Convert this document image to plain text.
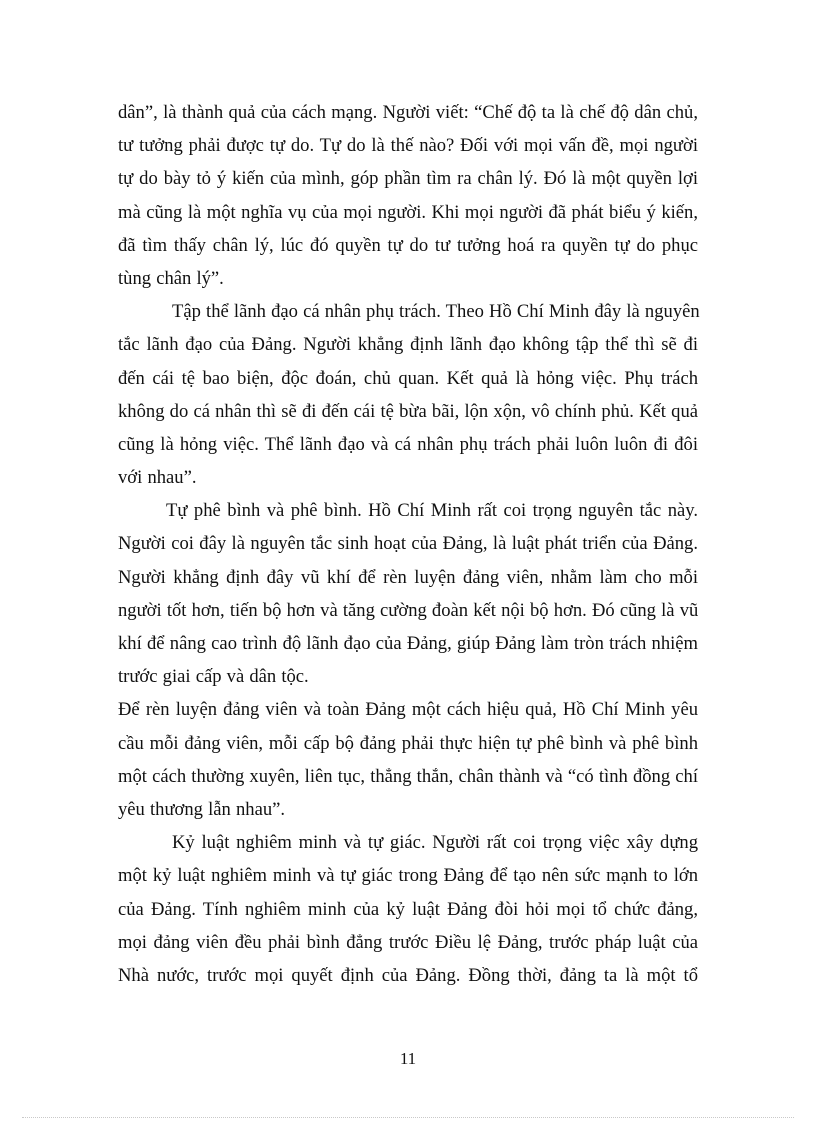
dân”, là thành quả của cách mạng. Người viết: “Chế độ ta là chế độ dân chủ,
tư tưởng phải được tự do. Tự do là thế nào? Đối với mọi vấn đề, mọi người
tự do bày tỏ ý kiến của mình, góp phần tìm ra chân lý. Đó là một quyền lợi
mà cũng là một nghĩa vụ của mọi người. Khi mọi người đã phát biểu ý kiến,
đã tìm thấy chân lý, lúc đó quyền tự do tư tưởng hoá ra quyền tự do phục
tùng chân lý”.
Tập thể lãnh đạo cá nhân phụ trách. Theo Hồ Chí Minh đây là nguyên
tắc lãnh đạo của Đảng. Người khẳng định lãnh đạo không tập thể thì sẽ đi
đến cái tệ bao biện, độc đoán, chủ quan. Kết quả là hỏng việc. Phụ trách
không do cá nhân thì sẽ đi đến cái tệ bừa bãi, lộn xộn, vô chính phủ. Kết quả
cũng là hỏng việc. Thể lãnh đạo và cá nhân phụ trách phải luôn luôn đi đôi
với nhau”.
Tự phê bình và phê bình. Hồ Chí Minh rất coi trọng nguyên tắc này.
Người coi đây là nguyên tắc sinh hoạt của Đảng, là luật phát triển của Đảng.
Người khẳng định đây vũ khí để rèn luyện đảng viên, nhằm làm cho mỗi
người tốt hơn, tiến bộ hơn và tăng cường đoàn kết nội bộ hơn. Đó cũng là vũ
khí để nâng cao trình độ lãnh đạo của Đảng, giúp Đảng làm tròn trách nhiệm
trước giai cấp và dân tộc.
Để rèn luyện đảng viên và toàn Đảng một cách hiệu quả, Hồ Chí Minh yêu
cầu mỗi đảng viên, mỗi cấp bộ đảng phải thực hiện tự phê bình và phê bình
một cách thường xuyên, liên tục, thẳng thắn, chân thành và “có tình đồng chí
yêu thương lẫn nhau”.
Kỷ luật nghiêm minh và tự giác. Người rất coi trọng việc xây dựng
một kỷ luật nghiêm minh và tự giác trong Đảng để tạo nên sức mạnh to lớn
của Đảng. Tính nghiêm minh của kỷ luật Đảng đòi hỏi mọi tổ chức đảng,
mọi đảng viên đều phải bình đẳng trước Điều lệ Đảng, trước pháp luật của
Nhà nước, trước mọi quyết định của Đảng. Đồng thời, đảng ta là một tổ
11
